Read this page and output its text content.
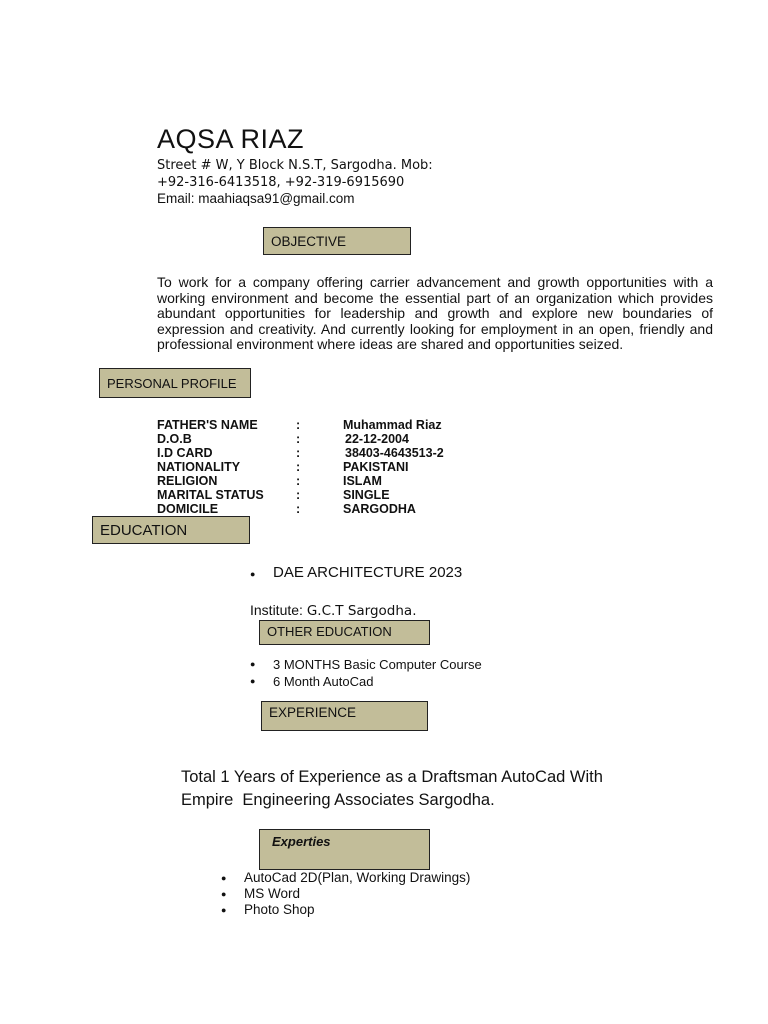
AQSA RIAZ
Street # W, Y Block N.S.T, Sargodha. Mob:
+92-316-6413518, +92-319-6915690
Email: maahiaqsa91@gmail.com
OBJECTIVE
To work for a company offering carrier advancement and growth opportunities with a working environment and become the essential part of an organization which provides abundant opportunities for leadership and growth and explore new boundaries of expression and creativity. And currently looking for employment in an open, friendly and professional environment where ideas are shared and opportunities seized.
PERSONAL PROFILE
FATHER'S NAME	:	Muhammad Riaz
D.O.B	:	22-12-2004
I.D CARD	:	38403-4643513-2
NATIONALITY	:	PAKISTANI
RELIGION	:	ISLAM
MARITAL STATUS	:	SINGLE
DOMICILE	:	SARGODHA
EDUCATION
● DAE ARCHITECTURE 2023
Institute: G.C.T Sargodha.
OTHER EDUCATION
● 3 MONTHS Basic Computer Course
● 6 Month AutoCad
EXPERIENCE
Total 1 Years of Experience as a Draftsman AutoCad With
Empire  Engineering Associates Sargodha.
Experties
● AutoCad 2D(Plan, Working Drawings)
● MS Word
● Photo Shop
